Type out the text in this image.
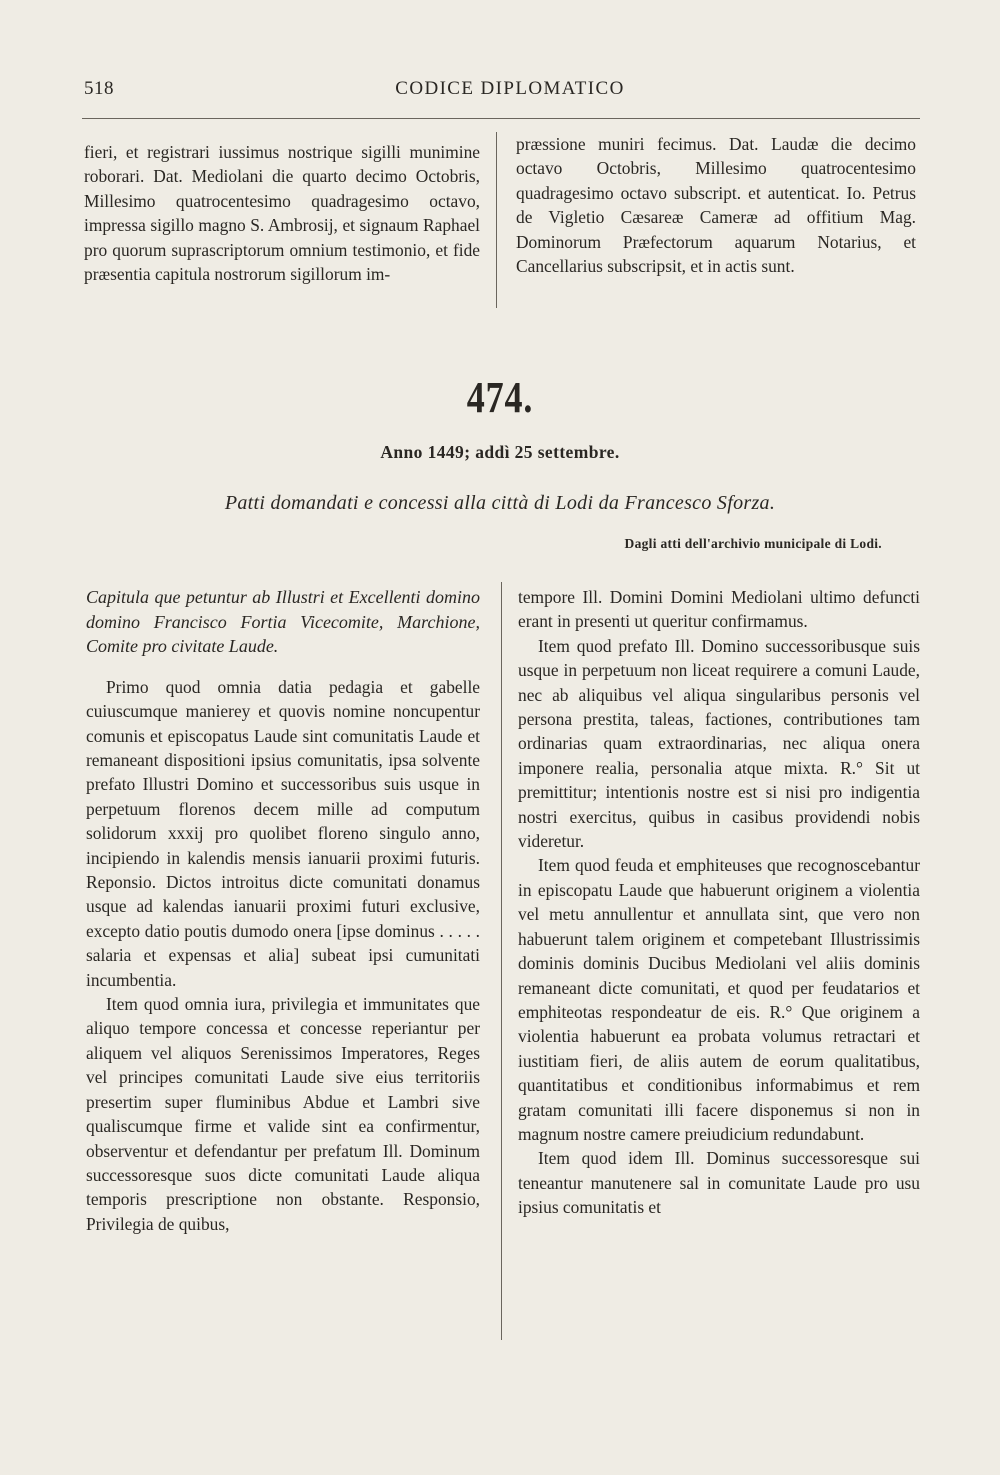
518	CODICE DIPLOMATICO

fieri, et registrari iussimus nostrique sigilli munimine roborari. Dat. Mediolani die quarto decimo Octobris, Millesimo quatrocentesimo quadragesimo octavo, impressa sigillo magno S. Ambrosij, et signaum Raphael pro quorum suprascriptorum omnium testimonio, et fide præsentia capitula nostrorum sigillorum im-

præssione muniri fecimus. Dat. Laudæ die decimo octavo Octobris, Millesimo quatrocentesimo quadragesimo octavo subscript. et autenticat. Io. Petrus de Vigletio Cæsareæ Cameræ ad offitium Mag. Dominorum Præfectorum aquarum Notarius, et Cancellarius subscripsit, et in actis sunt.

474.
Anno 1449; addì 25 settembre.
Patti domandati e concessi alla città di Lodi da Francesco Sforza.
Dagli atti dell'archivio municipale di Lodi.

Capitula que petuntur ab Illustri et Excellenti domino domino Francisco Fortia Vicecomite, Marchione, Comite pro civitate Laude.

Primo quod omnia datia pedagia et gabelle cuiuscumque manierey et quovis nomine noncupentur comunis et episcopatus Laude sint comunitatis Laude et remaneant dispositioni ipsius comunitatis, ipsa solvente prefato Illustri Domino et successoribus suis usque in perpetuum florenos decem mille ad computum solidorum xxxij pro quolibet floreno singulo anno, incipiendo in kalendis mensis ianuarii proximi futuris. Reponsio. Dictos introitus dicte comunitati donamus usque ad kalendas ianuarii proximi futuri exclusive, excepto datio poutis dumodo onera [ipse dominus . . . . . salaria et expensas et alia] subeat ipsi cumunitati incumbentia.

Item quod omnia iura, privilegia et immunitates que aliquo tempore concessa et concesse reperiantur per aliquem vel aliquos Serenissimos Imperatores, Reges vel principes comunitati Laude sive eius territoriis presertim super fluminibus Abdue et Lambri sive qualiscumque firme et valide sint ea confirmentur, observentur et defendantur per prefatum Ill. Dominum successoresque suos dicte comunitati Laude aliqua temporis prescriptione non obstante. Responsio, Privilegia de quibus,

tempore Ill. Domini Domini Mediolani ultimo defuncti erant in presenti ut queritur confirmamus.

Item quod prefato Ill. Domino successoribusque suis usque in perpetuum non liceat requirere a comuni Laude, nec ab aliquibus vel aliqua singularibus personis vel persona prestita, taleas, factiones, contributiones tam ordinarias quam extraordinarias, nec aliqua onera imponere realia, personalia atque mixta. R.° Sit ut premittitur; intentionis nostre est si nisi pro indigentia nostri exercitus, quibus in casibus providendi nobis videretur.

Item quod feuda et emphiteuses que recognoscebantur in episcopatu Laude que habuerunt originem a violentia vel metu annullentur et annullata sint, que vero non habuerunt talem originem et competebant Illustrissimis dominis dominis Ducibus Mediolani vel aliis dominis remaneant dicte comunitati, et quod per feudatarios et emphiteotas respondeatur de eis. R.° Que originem a violentia habuerunt ea probata volumus retractari et iustitiam fieri, de aliis autem de eorum qualitatibus, quantitatibus et conditionibus informabimus et rem gratam comunitati illi facere disponemus si non in magnum nostre camere preiudicium redundabunt.

Item quod idem Ill. Dominus successoresque sui teneantur manutenere sal in comunitate Laude pro usu ipsius comunitatis et
